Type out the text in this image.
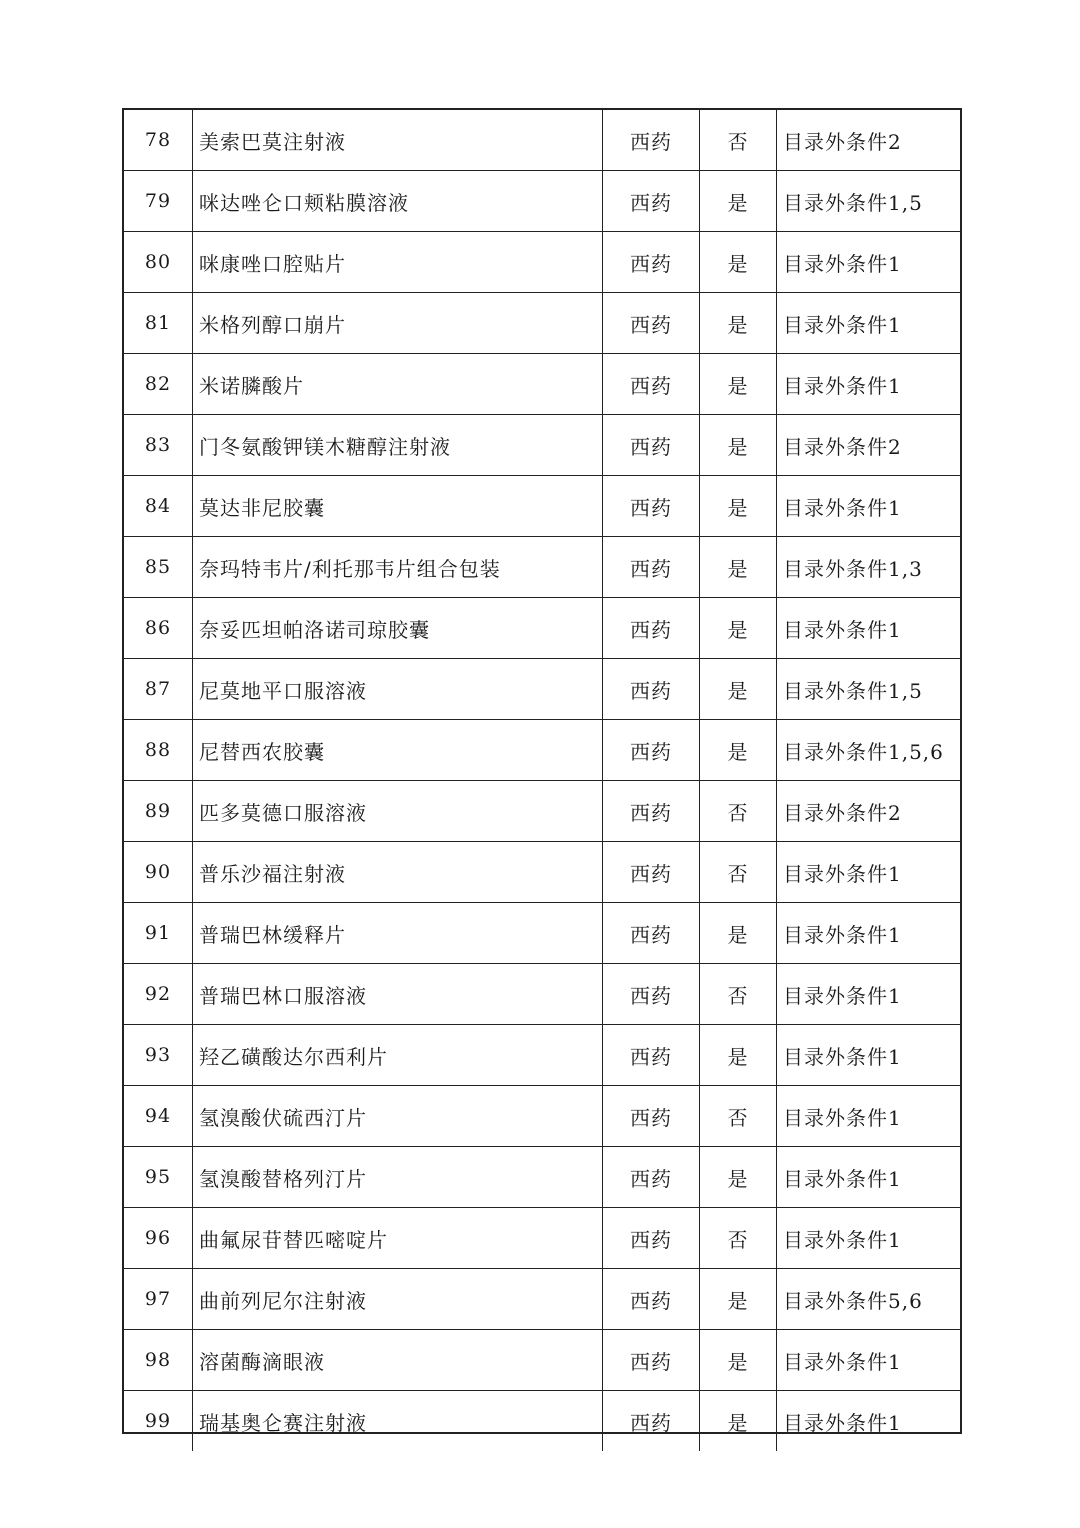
78	美索巴莫注射液	西药	否	目录外条件2
79	咪达唑仑口颊粘膜溶液	西药	是	目录外条件1,5
80	咪康唑口腔贴片	西药	是	目录外条件1
81	米格列醇口崩片	西药	是	目录外条件1
82	米诺膦酸片	西药	是	目录外条件1
83	门冬氨酸钾镁木糖醇注射液	西药	是	目录外条件2
84	莫达非尼胶囊	西药	是	目录外条件1
85	奈玛特韦片/利托那韦片组合包装	西药	是	目录外条件1,3
86	奈妥匹坦帕洛诺司琼胶囊	西药	是	目录外条件1
87	尼莫地平口服溶液	西药	是	目录外条件1,5
88	尼替西农胶囊	西药	是	目录外条件1,5,6
89	匹多莫德口服溶液	西药	否	目录外条件2
90	普乐沙福注射液	西药	否	目录外条件1
91	普瑞巴林缓释片	西药	是	目录外条件1
92	普瑞巴林口服溶液	西药	否	目录外条件1
93	羟乙磺酸达尔西利片	西药	是	目录外条件1
94	氢溴酸伏硫西汀片	西药	否	目录外条件1
95	氢溴酸替格列汀片	西药	是	目录外条件1
96	曲氟尿苷替匹嘧啶片	西药	否	目录外条件1
97	曲前列尼尔注射液	西药	是	目录外条件5,6
98	溶菌酶滴眼液	西药	是	目录外条件1
99	瑞基奥仑赛注射液	西药	是	目录外条件1
